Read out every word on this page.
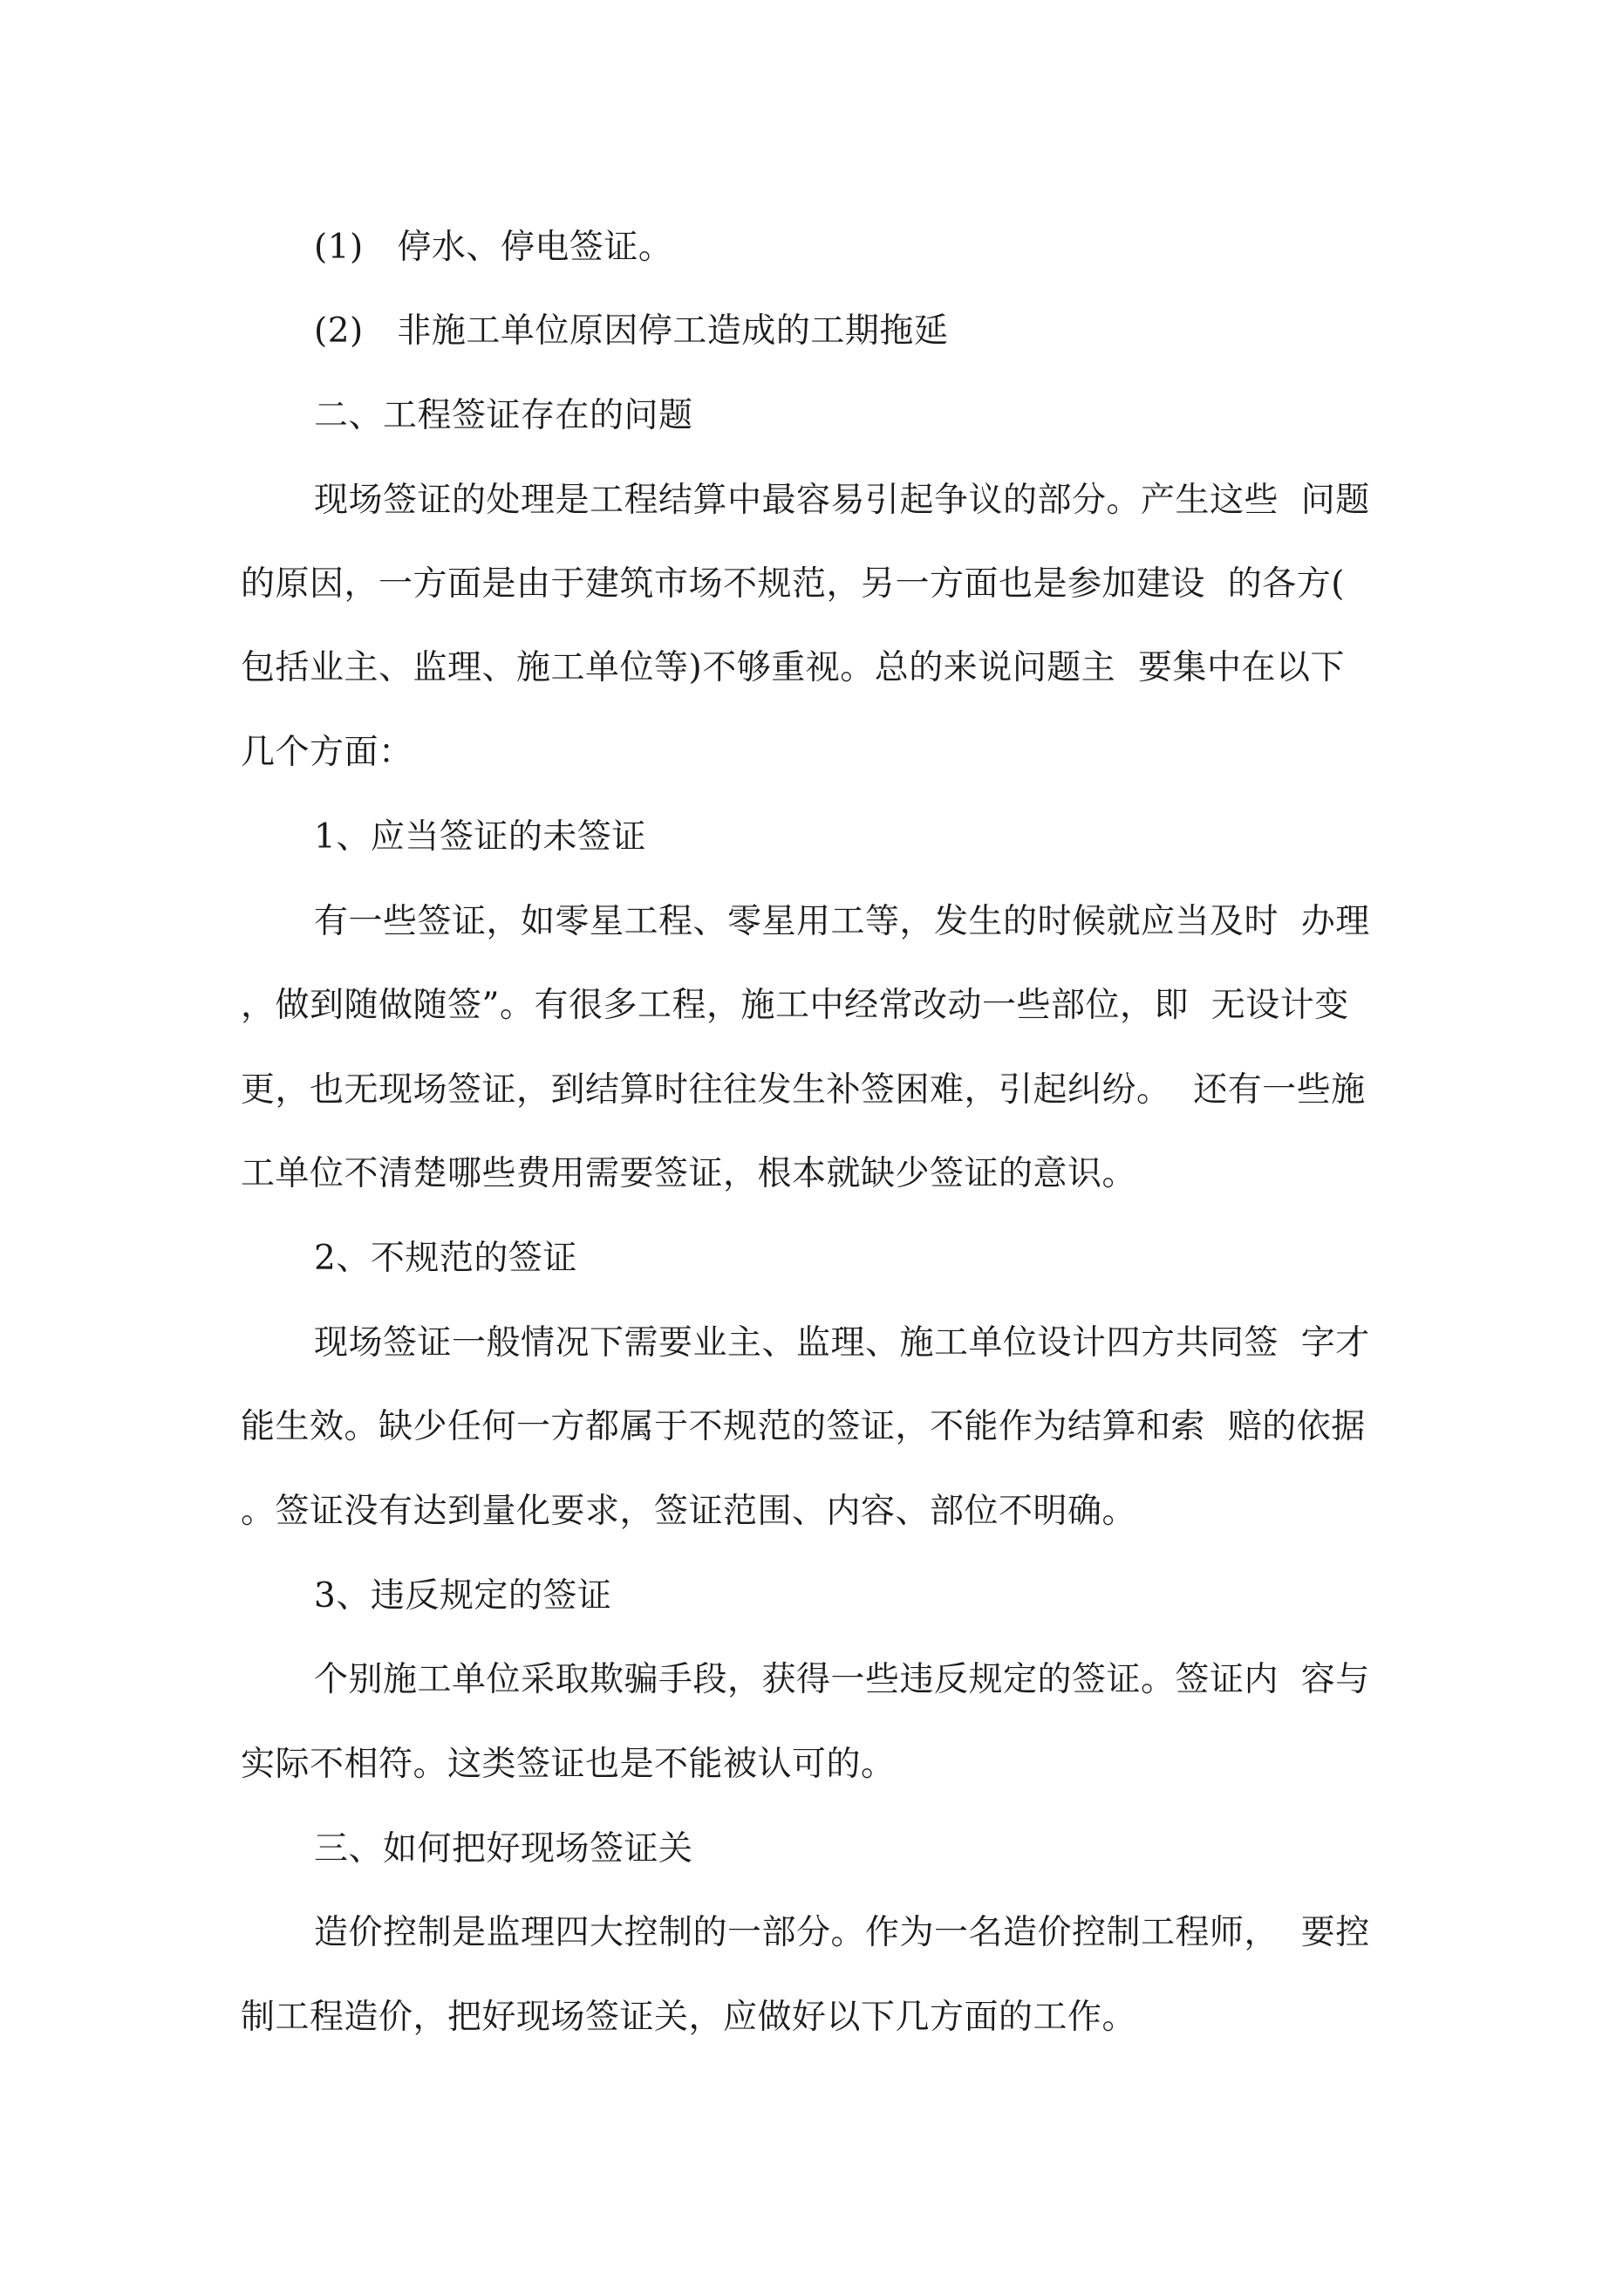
(1)   停水、停电签证。

(2)   非施工单位原因停工造成的工期拖延

二、工程签证存在的问题

现场签证的处理是工程结算中最容易引起争议的部分。产生这些  问题

的原因，一方面是由于建筑市场不规范，另一方面也是参加建设  的各方(

包括业主、监理、施工单位等)不够重视。总的来说问题主  要集中在以下

几个方面：

1、应当签证的未签证

有一些签证，如零星工程、零星用工等，发生的时候就应当及时  办理

，做到随做随签”。有很多工程，施工中经常改动一些部位，即  无设计变

更，也无现场签证，到结算时往往发生补签困难，引起纠纷。  还有一些施

工单位不清楚哪些费用需要签证，根本就缺少签证的意识。

2、不规范的签证

现场签证一般情况下需要业主、监理、施工单位设计四方共同签  字才

能生效。缺少任何一方都属于不规范的签证，不能作为结算和索  赔的依据

。签证没有达到量化要求，签证范围、内容、部位不明确。

3、违反规定的签证

个别施工单位采取欺骗手段，获得一些违反规定的签证。签证内  容与

实际不相符。这类签证也是不能被认可的。

三、如何把好现场签证关

造价控制是监理四大控制的一部分。作为一名造价控制工程师，  要控

制工程造价，把好现场签证关，应做好以下几方面的工作。
